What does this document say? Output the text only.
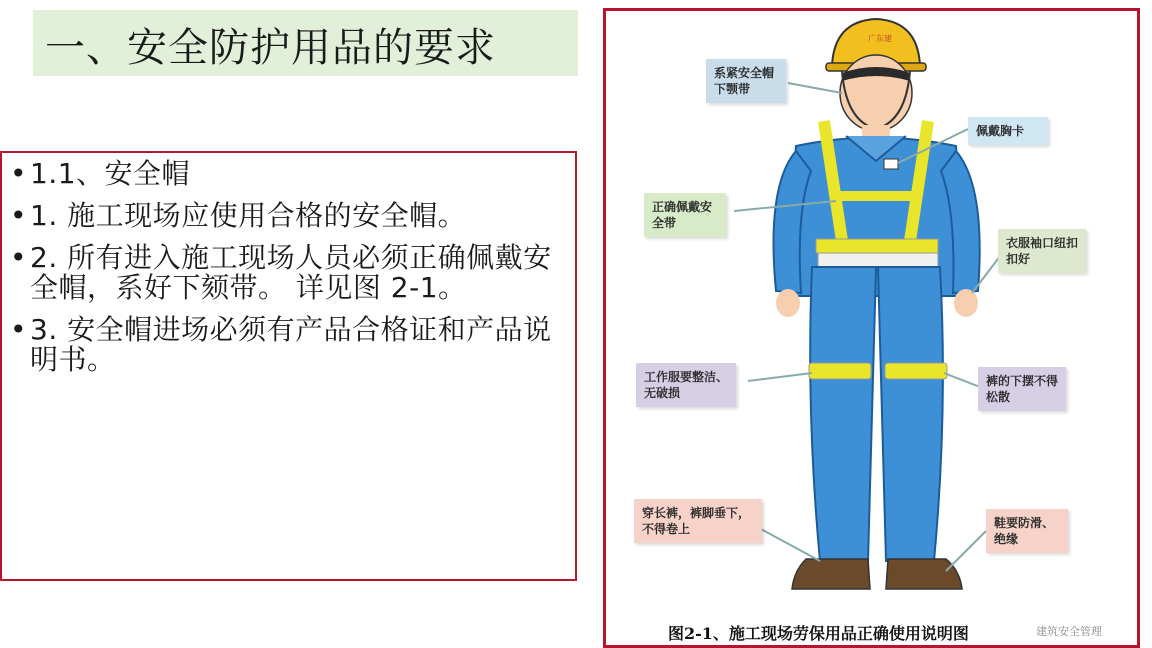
一、安全防护用品的要求
• 1.1、安全帽
• 1. 施工现场应使用合格的安全帽。
• 2. 所有进入施工现场人员必须正确佩戴安全帽，系好下颏带。 详见图 2-1。
• 3. 安全帽进场必须有产品合格证和产品说明书。
广东建
系紧安全帽下颚带
佩戴胸卡
正确佩戴安全带
衣服袖口纽扣扣好
工作服要整洁、无破损
裤的下摆不得松散
穿长裤，裤脚垂下，不得卷上	鞋要防滑、绝缘
图2-1、施工现场劳保用品正确使用说明图	建筑安全管理
